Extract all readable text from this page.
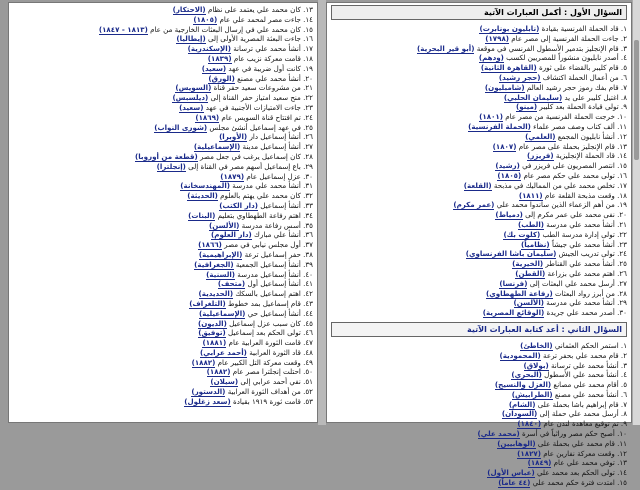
السؤال الأول : أكمل العبارات الآتية
١. قاد الحملة الفرنسية بقيادة (نابليون بونابرت)
٢. جاءت الحملة الفرنسية إلى مصر عام (١٧٩٨)
٣. قام الإنجليز بتدمير الأسطول الفرنسي في موقعة (أبو قير البحرية)
٤. أصدر نابليون منشوراً للمصريين لكسب (ودهم)
٥. قام كليبر بالقضاء على ثورة (القاهرة الثانية)
٦. من أعمال الحملة اكتشاف (حجر رشيد)
٧. قام بفك رموز حجر رشيد العالم (شامبليون)
٨. اغتيل كليبر على يد (سليمان الحلبي)
٩. تولى قيادة الحملة بعد كليبر (مينو)
١٠. خرجت الحملة الفرنسية من مصر عام (١٨٠١)
١١. ألف كتاب وصف مصر علماء (الحملة الفرنسية)
١٢. أنشأ نابليون المجمع (العلمي)
١٣. قام الإنجليز بحملة على مصر عام (١٨٠٧)
١٤. قاد الحملة الإنجليزية (فريزر)
١٥. انتصر المصريون على فريزر في (رشيد)
١٦. تولى محمد علي حكم مصر عام (١٨٠٥)
١٧. تخلص محمد علي من المماليك في مذبحة (القلعة)
١٨. وقعت مذبحة القلعة عام (١٨١١)
١٩. من أهم الزعماء الذين ساندوا محمد علي (عمر مكرم)
٢٠. نفى محمد علي عمر مكرم إلى (دمياط)
٢١. أنشأ محمد علي مدرسة (الطب)
٢٢. تولى إدارة مدرسة الطب (كلوت بك)
٢٣. أنشأ محمد علي جيشاً (نظامياً)
٢٤. تولى تدريب الجيش (سليمان باشا الفرنساوي)
٢٥. أنشأ محمد علي القناطر (الخيرية)
٢٦. اهتم محمد علي بزراعة (القطن)
٢٧. أرسل محمد علي البعثات إلى (فرنسا)
٢٨. من أبرز رواد البعثات (رفاعة الطهطاوي)
٢٩. أنشأ محمد علي مدرسة (الألسن)
٣٠. أصدر محمد علي جريدة (الوقائع المصرية)
السؤال الثاني : أعد كتابة العبارات الآتية
١. استمر الحكم العثماني (الخاطئ)
٢. قام محمد علي بحفر ترعة (المحمودية)
٣. أنشأ محمد علي ترسانة (بولاق)
٤. أنشأ محمد علي الأسطول (البحري)
٥. أقام محمد علي مصانع (الغزل والنسيج)
٦. أنشأ محمد علي مصنع (الطرابيش)
٧. قام إبراهيم باشا بحملة على (الشام)
٨. أرسل محمد علي حملة إلى (السودان)
٩. تم توقيع معاهدة لندن عام (١٨٤٠)
١٠. أصبح حكم مصر وراثياً في أسرة (محمد علي)
١١. قام محمد علي بحملة على (الوهابيين)
١٢. وقعت معركة نفارين عام (١٨٢٧)
١٣. توفي محمد علي عام (١٨٤٩)
١٤. تولى الحكم بعد محمد علي (عباس الأول)
١٥. امتدت فترة حكم محمد علي (٤٤ عاماً)
١٣. كان محمد علي يعتمد على نظام (الاحتكار)
١٤. جاءت مصر لمحمد علي عام (١٨٠٥)
١٥. كان محمد علي في إرسال البعثات الخارجية من عام (١٨١٣ - ١٨٤٧)
١٦. جاءت البعثة المصرية الأولى إلى (إيطاليا)
١٧. أنشأ محمد علي ترسانة (الإسكندرية)
١٨. قامت معركة نزيب عام (١٨٣٩)
١٩. كانت أول ضريبة في عهد (سعيد)
٢٠. أنشأ محمد علي مصنع (الورق)
٢١. من مشروعات سعيد حفر قناة (السويس)
٢٢. منح سعيد امتياز حفر القناة إلى (ديلسبس)
٢٣. جاءت الامتيازات الأجنبية في عهد (سعيد)
٢٤. تم افتتاح قناة السويس عام (١٨٦٩)
٢٥. في عهد إسماعيل أنشئ مجلس (شورى النواب)
٢٦. أنشأ إسماعيل دار (الأوبرا)
٢٧. أنشأ إسماعيل مدينة (الإسماعيلية)
٢٨. كان إسماعيل يرغب في جعل مصر (قطعة من أوروبا)
٢٩. باع إسماعيل أسهم مصر في القناة إلى (إنجلترا)
٣٠. عزل إسماعيل عام (١٨٧٩)
٣١. أنشأ محمد علي مدرسة (المهندسخانة)
٣٢. كان محمد علي يهتم بالعلوم (الحديثة)
٣٣. أنشأ إسماعيل (دار الكتب)
٣٤. اهتم رفاعة الطهطاوي بتعليم (البنات)
٣٥. أسس رفاعة مدرسة (الألسن)
٣٦. أنشأ علي مبارك (دار العلوم)
٣٧. أول مجلس نيابي في مصر (١٨٦٦)
٣٨. حفر إسماعيل ترعة (الإبراهيمية)
٣٩. أنشأ إسماعيل الجمعية (الجغرافية)
٤٠. أنشأ إسماعيل مدرسة (السنية)
٤١. أنشأ إسماعيل أول (متحف)
٤٢. اهتم إسماعيل بالسكك (الحديدية)
٤٣. قام إسماعيل بمد خطوط (التلغراف)
٤٤. أنشأ إسماعيل حي (الإسماعيلية)
٤٥. كان سبب عزل إسماعيل (الديون)
٤٦. تولى الحكم بعد إسماعيل (توفيق)
٤٧. قامت الثورة العرابية عام (١٨٨١)
٤٨. قاد الثورة العرابية (أحمد عرابي)
٤٩. وقعت معركة التل الكبير عام (١٨٨٢)
٥٠. احتلت إنجلترا مصر عام (١٨٨٢)
٥١. نفي أحمد عرابي إلى (سيلان)
٥٢. من أهداف الثورة العرابية (الدستور)
٥٣. قامت ثورة ١٩١٩ بقيادة (سعد زغلول)
